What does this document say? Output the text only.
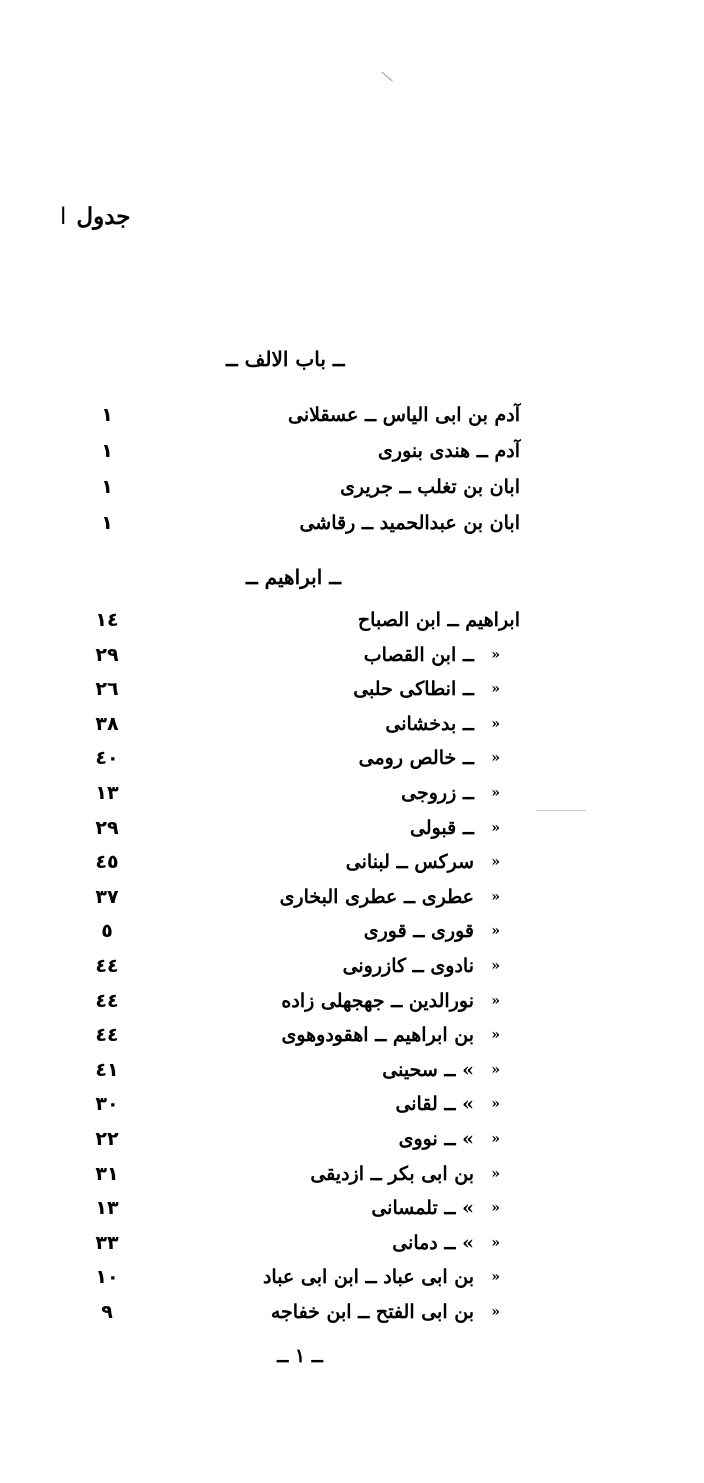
جدول ا
ــ باب الالف ــ
آدم بن ابی الیاس ــ عسقلانی
١
آدم ــ هندی بنوری
١
ابان بن تغلب ــ جریری
١
ابان بن عبدالحمید ــ رقاشی
١
ــ ابراهیم ــ
ابراهیم ــ ابن الصباح
١٤
ــ ابن القصاب »
٢٩
ــ انطاکی حلبی »
٢٦
ــ بدخشانی »
٣٨
ــ خالص رومی »
٤٠
ــ زروجی »
١٣
ــ قبولی »
٢٩
سرکس ــ لبنانی »
٤٥
عطری ــ عطری البخاری »
٣٧
قوری ــ قوری »
٥
نادوی ــ کازرونی »
٤٤
نورالدین ــ جهجهلی زاده »
٤٤
بن ابراهیم ــ اهقودوهوی »
٤٤
» ــ سحینی »
٤١
» ــ لقانی »
٣٠
» ــ نووی »
٢٢
بن ابی بکر ــ ازدیقی »
٣١
» ــ تلمسانی »
١٣
» ــ دمانی »
٣٣
بن ابی عباد ــ ابن ابی عباد »
١٠
بن ابی الفتح ــ ابن خفاجه »
٩
ــ ١ ــ
